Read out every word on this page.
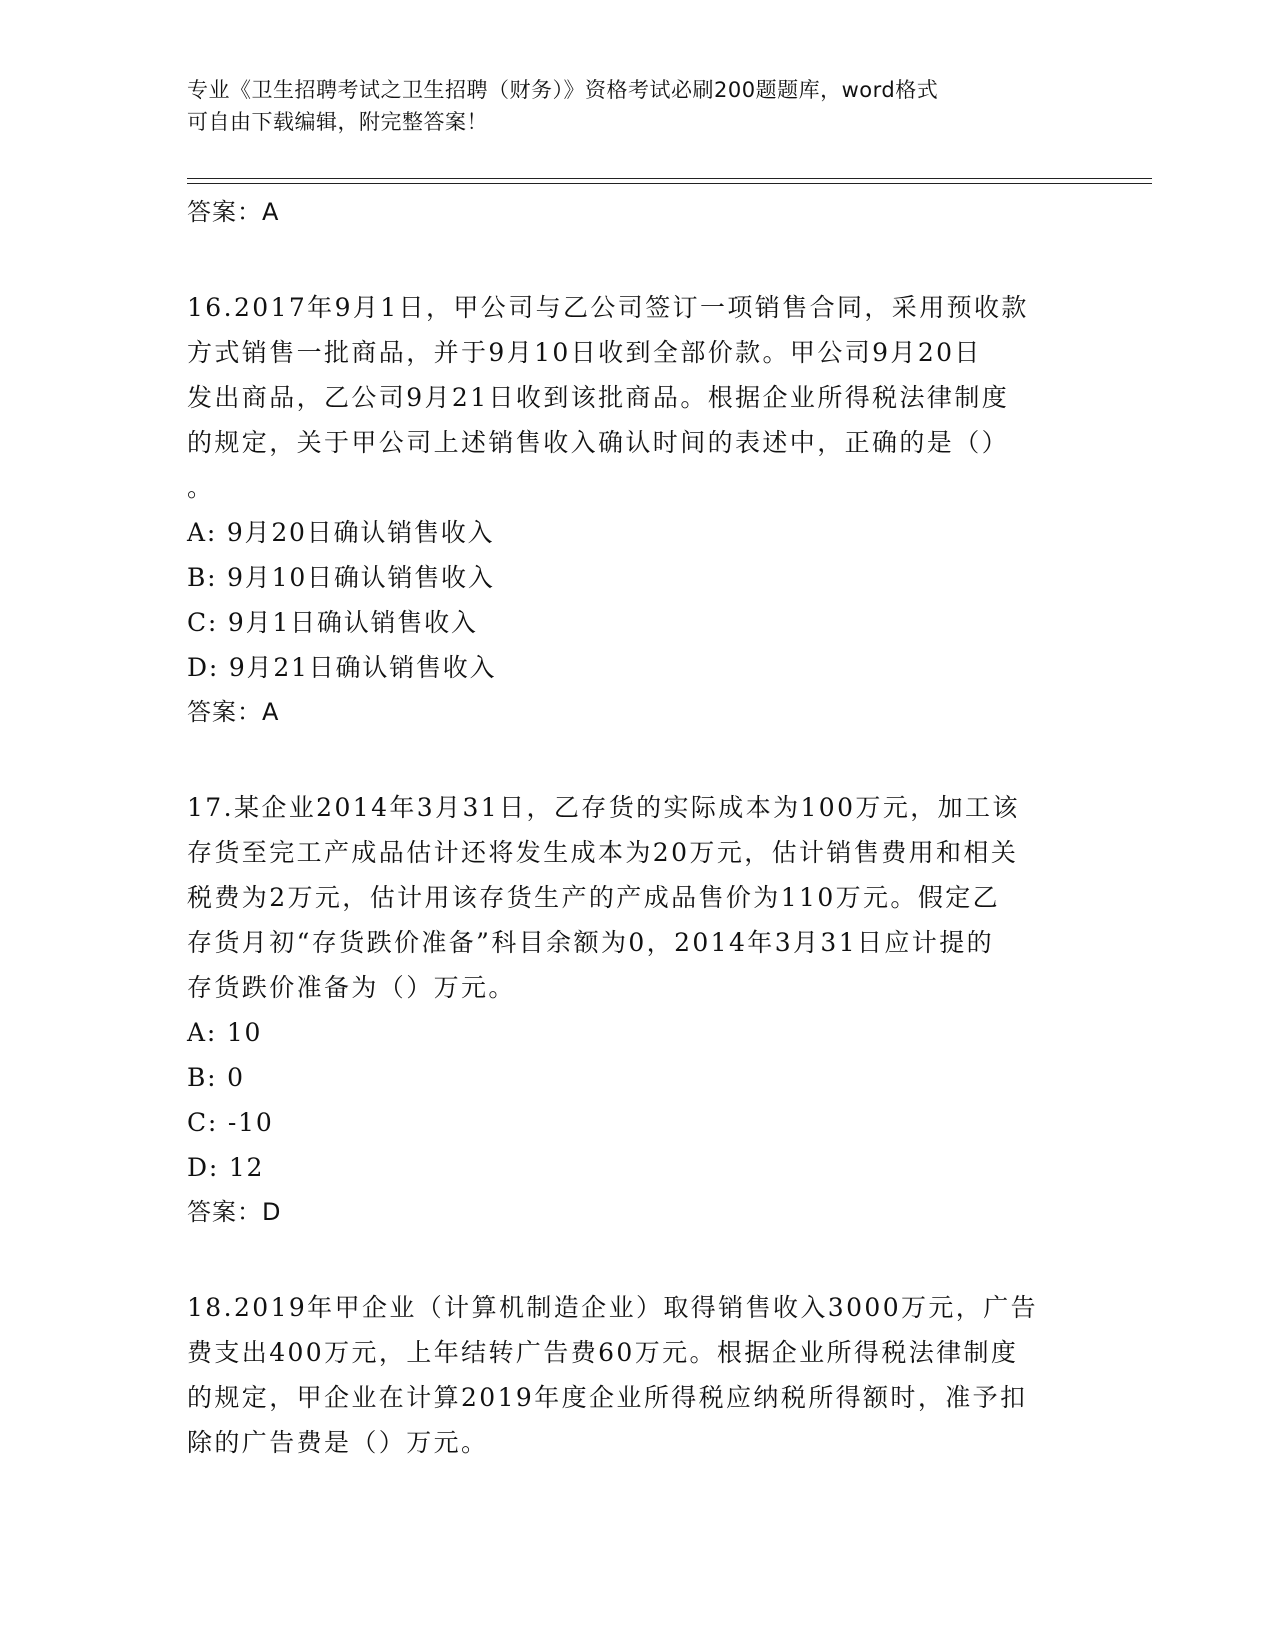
专业《卫生招聘考试之卫生招聘（财务）》资格考试必刷200题题库，word格式
可自由下载编辑，附完整答案！
答案：A
16.2017年9月1日，甲公司与乙公司签订一项销售合同，采用预收款
方式销售一批商品，并于9月10日收到全部价款。甲公司9月20日
发出商品，乙公司9月21日收到该批商品。根据企业所得税法律制度
的规定，关于甲公司上述销售收入确认时间的表述中，正确的是（）
。
A: 9月20日确认销售收入
B: 9月10日确认销售收入
C: 9月1日确认销售收入
D: 9月21日确认销售收入
答案：A
17.某企业2014年3月31日，乙存货的实际成本为100万元，加工该
存货至完工产成品估计还将发生成本为20万元，估计销售费用和相关
税费为2万元，估计用该存货生产的产成品售价为110万元。假定乙
存货月初“存货跌价准备”科目余额为0，2014年3月31日应计提的
存货跌价准备为（）万元。
A: 10
B: 0
C: -10
D: 12
答案：D
18.2019年甲企业（计算机制造企业）取得销售收入3000万元，广告
费支出400万元，上年结转广告费60万元。根据企业所得税法律制度
的规定，甲企业在计算2019年度企业所得税应纳税所得额时，准予扣
除的广告费是（）万元。
